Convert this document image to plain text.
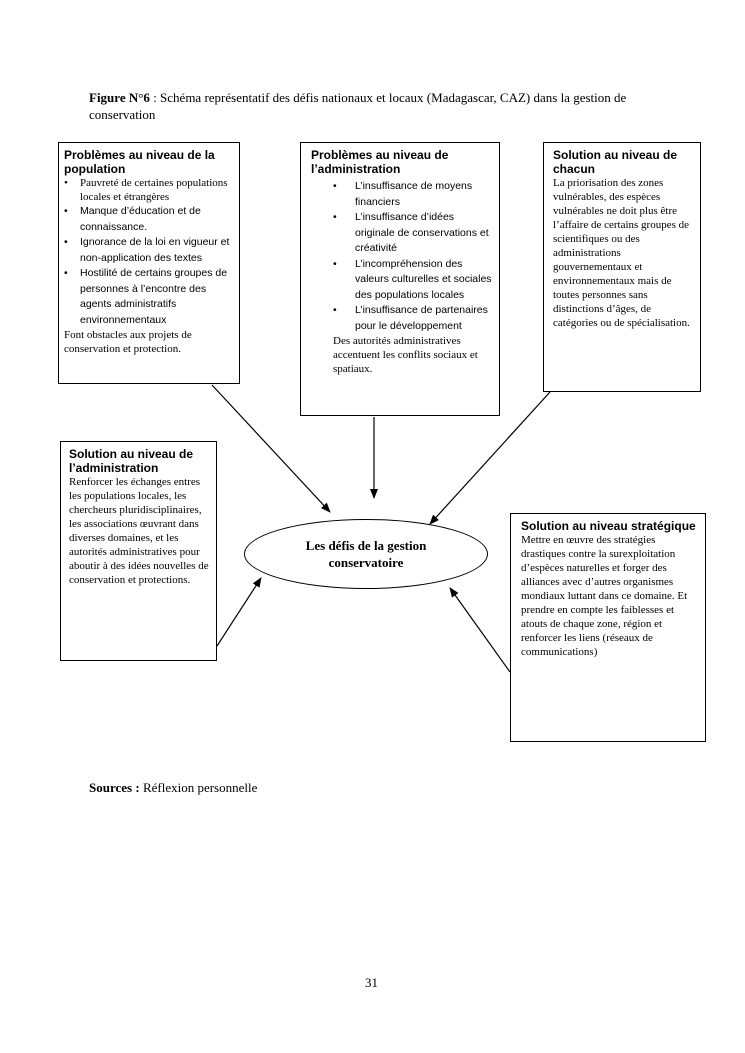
Figure N°6 : Schéma représentatif des défis nationaux et locaux (Madagascar, CAZ) dans la gestion de conservation
Problèmes au niveau de la population
• Pauvreté de certaines populations locales et étrangères
• Manque d’éducation et de connaissance.
• Ignorance de la loi en vigueur et non-application des textes
• Hostilité de certains groupes de personnes à l’encontre des agents administratifs environnementaux
Font obstacles aux projets de conservation et protection.
Problèmes au niveau de l’administration
• L’insuffisance de moyens financiers
• L’insuffisance d’idées originale de conservations et créativité
• L’incompréhension des valeurs culturelles et sociales des populations locales
• L’insuffisance de partenaires pour le développement
Des autorités administratives accentuent les conflits sociaux et spatiaux.
Solution au niveau de chacun
La priorisation des zones vulnérables, des espèces vulnérables ne doit plus être l’affaire de certains groupes de scientifiques ou des administrations gouvernementaux et environnementaux mais de toutes personnes sans distinctions d’âges, de catégories ou de spécialisation.
Solution au niveau de l’administration
Renforcer les échanges entres les populations locales, les chercheurs pluridisciplinaires, les associations œuvrant dans diverses domaines, et les autorités administratives pour aboutir à des idées nouvelles de conservation et protections.
Solution au niveau stratégique
Mettre en œuvre des stratégies drastiques contre la surexploitation d’espèces naturelles et forger des alliances avec d’autres organismes mondiaux luttant dans ce domaine. Et prendre en compte les faiblesses et atouts de chaque zone, région et renforcer les liens (réseaux de communications)
Les défis de la gestion conservatoire
Sources : Réflexion personnelle
31
